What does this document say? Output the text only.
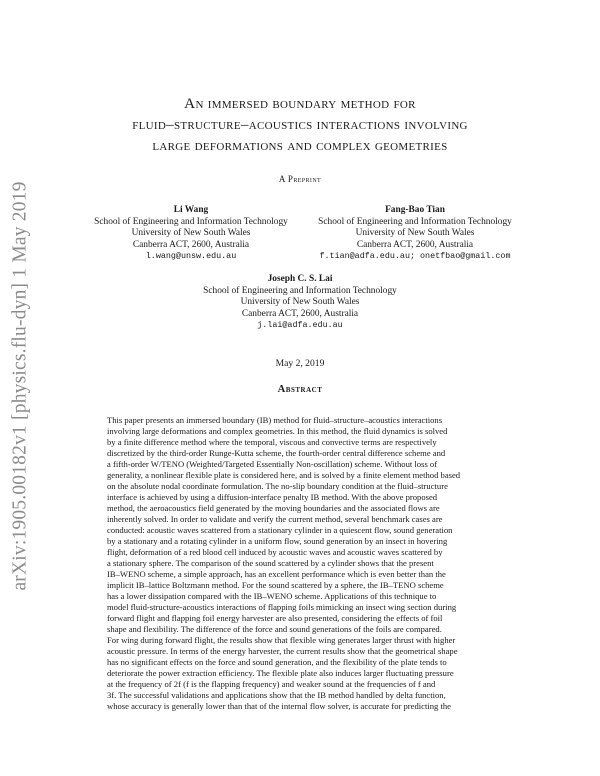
arXiv:1905.00182v1 [physics.flu-dyn] 1 May 2019
An immersed boundary method for
fluid–structure–acoustics interactions involving
large deformations and complex geometries
A Preprint
Li Wang
School of Engineering and Information Technology
University of New South Wales
Canberra ACT, 2600, Australia
l.wang@unsw.edu.au
Fang-Bao Tian
School of Engineering and Information Technology
University of New South Wales
Canberra ACT, 2600, Australia
f.tian@adfa.edu.au; onetfbao@gmail.com
Joseph C. S. Lai
School of Engineering and Information Technology
University of New South Wales
Canberra ACT, 2600, Australia
j.lai@adfa.edu.au
May 2, 2019
Abstract

This paper presents an immersed boundary (IB) method for fluid–structure–acoustics interactions

involving large deformations and complex geometries. In this method, the fluid dynamics is solved

by a finite difference method where the temporal, viscous and convective terms are respectively

discretized by the third-order Runge-Kutta scheme, the fourth-order central difference scheme and

a fifth-order W/TENO (Weighted/Targeted Essentially Non-oscillation) scheme. Without loss of

generality, a nonlinear flexible plate is considered here, and is solved by a finite element method based

on the absolute nodal coordinate formulation. The no-slip boundary condition at the fluid–structure

interface is achieved by using a diffusion-interface penalty IB method. With the above proposed

method, the aeroacoustics field generated by the moving boundaries and the associated flows are

inherently solved. In order to validate and verify the current method, several benchmark cases are

conducted: acoustic waves scattered from a stationary cylinder in a quiescent flow, sound generation

by a stationary and a rotating cylinder in a uniform flow, sound generation by an insect in hovering

flight, deformation of a red blood cell induced by acoustic waves and acoustic waves scattered by

a stationary sphere. The comparison of the sound scattered by a cylinder shows that the present

IB–WENO scheme, a simple approach, has an excellent performance which is even better than the

implicit IB–lattice Boltzmann method. For the sound scattered by a sphere, the IB–TENO scheme

has a lower dissipation compared with the IB–WENO scheme. Applications of this technique to

model fluid-structure-acoustics interactions of flapping foils mimicking an insect wing section during

forward flight and flapping foil energy harvester are also presented, considering the effects of foil

shape and flexibility. The difference of the force and sound generations of the foils are compared.

For wing during forward flight, the results show that flexible wing generates larger thrust with higher

acoustic pressure. In terms of the energy harvester, the current results show that the geometrical shape

has no significant effects on the force and sound generation, and the flexibility of the plate tends to

deteriorate the power extraction efficiency. The flexible plate also induces larger fluctuating pressure

at the frequency of 2f (f is the flapping frequency) and weaker sound at the frequencies of f and

3f. The successful validations and applications show that the IB method handled by delta function,

whose accuracy is generally lower than that of the internal flow solver, is accurate for predicting the
